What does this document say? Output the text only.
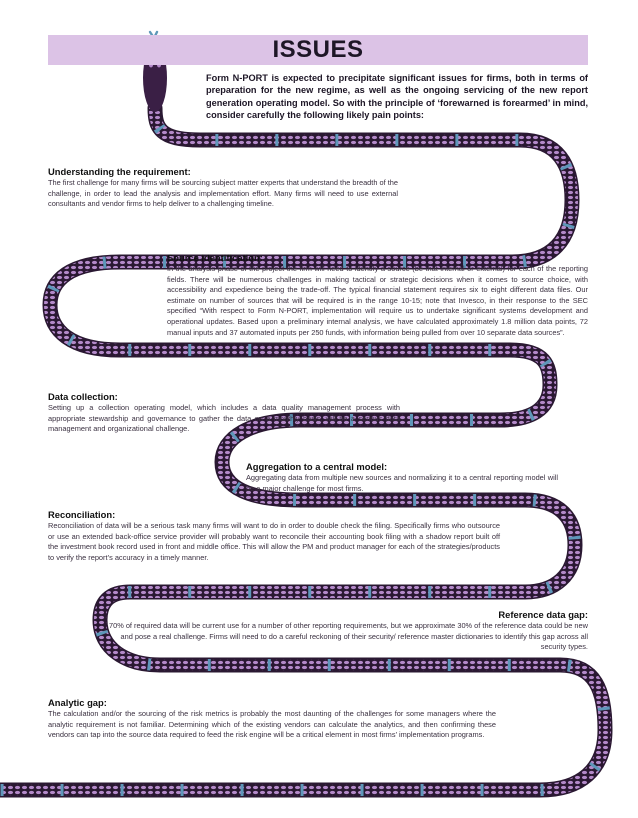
ISSUES
Form N-PORT is expected to precipitate significant issues for firms, both in terms of preparation for the new regime, as well as the ongoing servicing of the new report generation operating model. So with the principle of ‘forewarned is forearmed’ in mind, consider carefully the following likely pain points:
Understanding the requirement:

The first challenge for many firms will be sourcing subject matter experts that understand the breadth of the challenge, in order to lead the analysis and implementation effort. Many firms will need to use external consultants and vendor firms to help deliver to a challenging timeline.

Source identification:

In the analysis phase of the project the firm will need to identify a source (be that internal or external) for each of the reporting fields. There will be numerous challenges in making tactical or strategic decisions when it comes to source choice, with accessibility and expedience being the trade-off. The typical financial statement requires six to eight different data files. Our estimate on number of sources that will be required is in the range 10-15; note that Invesco, in their response to the SEC specified “With respect to Form N-PORT, implementation will require us to undertake significant systems development and operational updates. Based upon a preliminary internal analysis, we have calculated approximately 1.8 million data points, 72 manual inputs and 37 automated inputs per 250 funds, with information being pulled from over 10 separate data sources”.

Data collection:

Setting up a collection operating model, which includes a data quality management process with appropriate stewardship and governance to gather the data on a monthly basis, will be a serious data management and organizational challenge.

Aggregation to a central model:

Aggregating data from multiple new sources and normalizing it to a central reporting model will be a major challenge for most firms.

Reconciliation:

Reconciliation of data will be a serious task many firms will want to do in order to double check the filing. Specifically firms who outsource or use an extended back-office service provider will probably want to reconcile their accounting book filing with a shadow report built off the investment book record used in front and middle office. This will allow the PM and product manager for each of the strategies/products to verify the report’s accuracy in a timely manner.

Reference data gap:

70% of required data will be current use for a number of other reporting requirements, but we approximate 30% of the reference data could be new and pose a real challenge. Firms will need to do a careful reckoning of their security/ reference master dictionaries to identify this gap across all security types.

Analytic gap:

The calculation and/or the sourcing of the risk metrics is probably the most daunting of the challenges for some managers where the analytic requirement is not familiar. Determining which of the existing vendors can calculate the analytics, and then confirming these vendors can tap into the source data required to feed the risk engine will be a critical element in most firms’ implementation programs.
